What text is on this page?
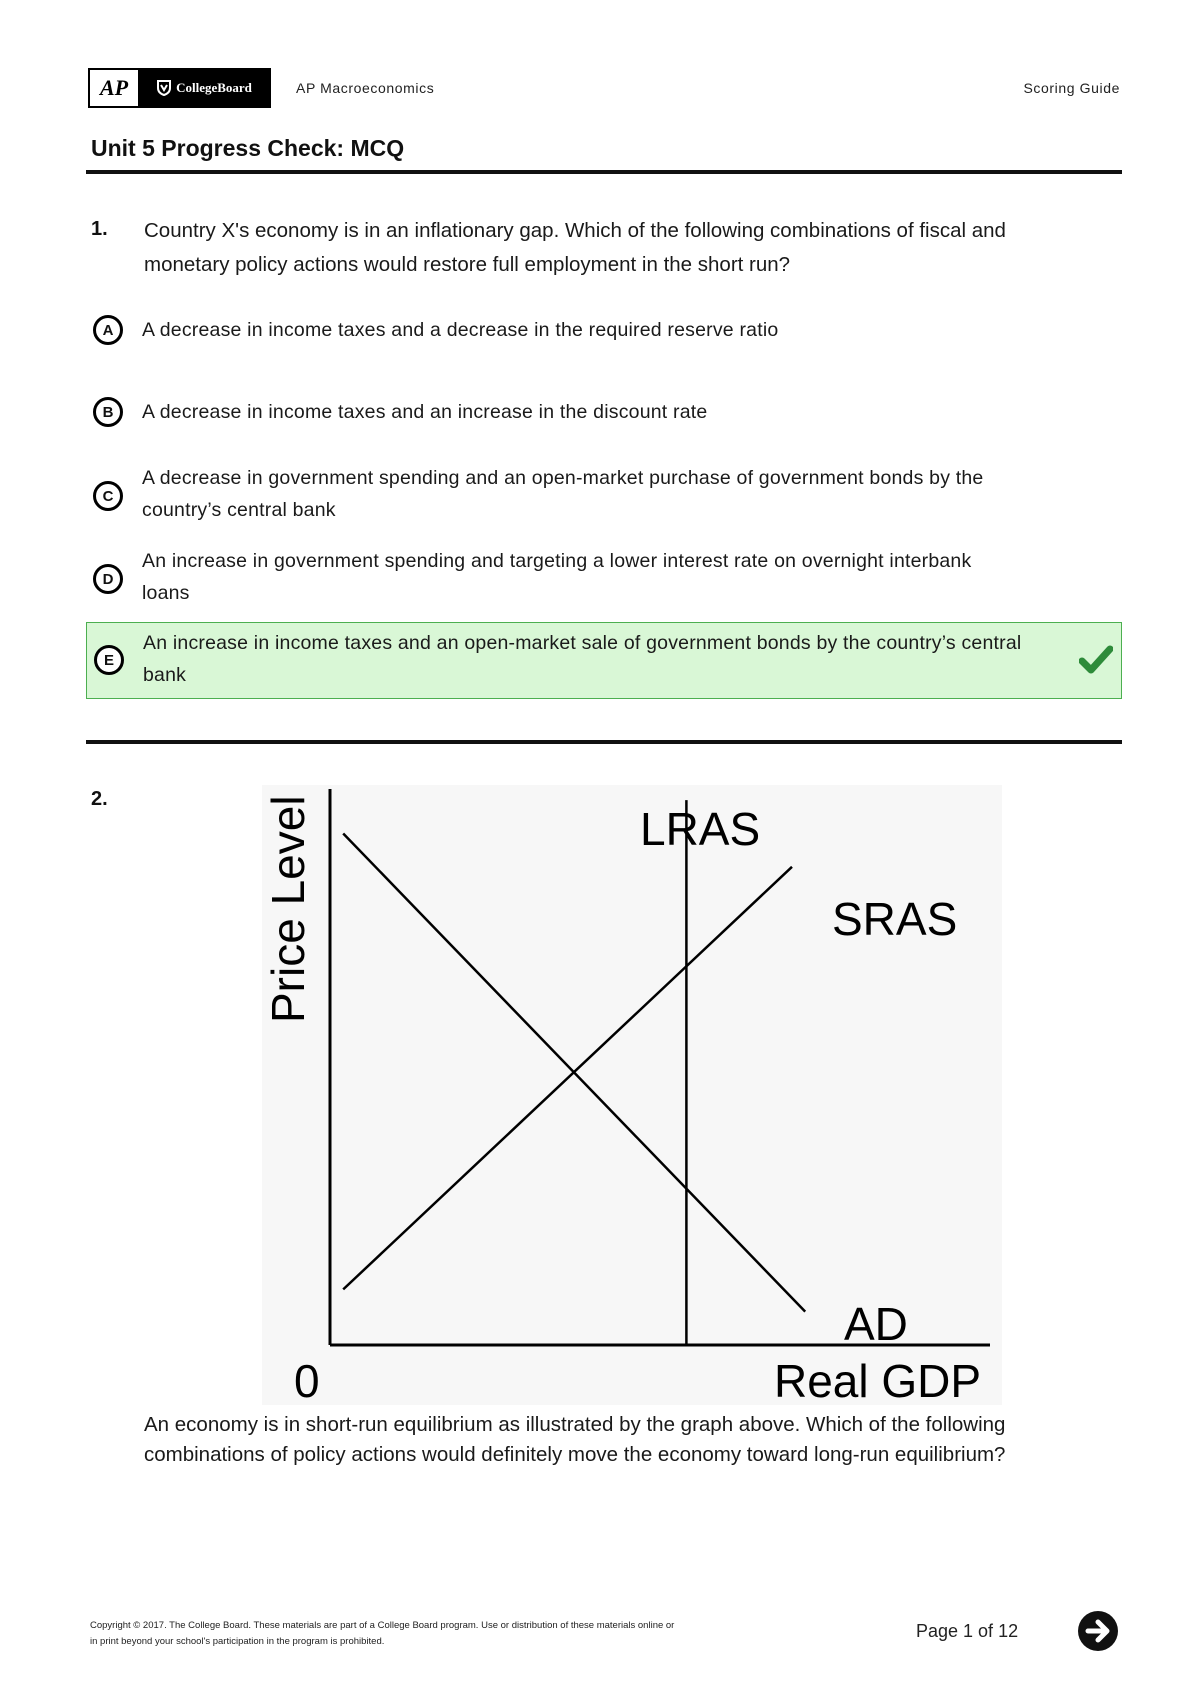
AP	CollegeBoard	AP Macroeconomics	Scoring Guide
Unit 5 Progress Check: MCQ
1. Country X's economy is in an inflationary gap. Which of the following combinations of fiscal and
monetary policy actions would restore full employment in the short run?
A	A decrease in income taxes and a decrease in the required reserve ratio
B	A decrease in income taxes and an increase in the discount rate
C
A decrease in government spending and an open-market purchase of government bonds by the
country’s central bank
D
An increase in government spending and targeting a lower interest rate on overnight interbank
loans
E
An increase in income taxes and an open-market sale of government bonds by the country’s central
bank
2.
LRAS
SRAS
AD
Price Level
Real GDP
0
An economy is in short-run equilibrium as illustrated by the graph above. Which of the following
combinations of policy actions would definitely move the economy toward long-run equilibrium?
Copyright © 2017. The College Board. These materials are part of a College Board program. Use or distribution of these materials online or
in print beyond your school's participation in the program is prohibited.
Page 1 of 12
